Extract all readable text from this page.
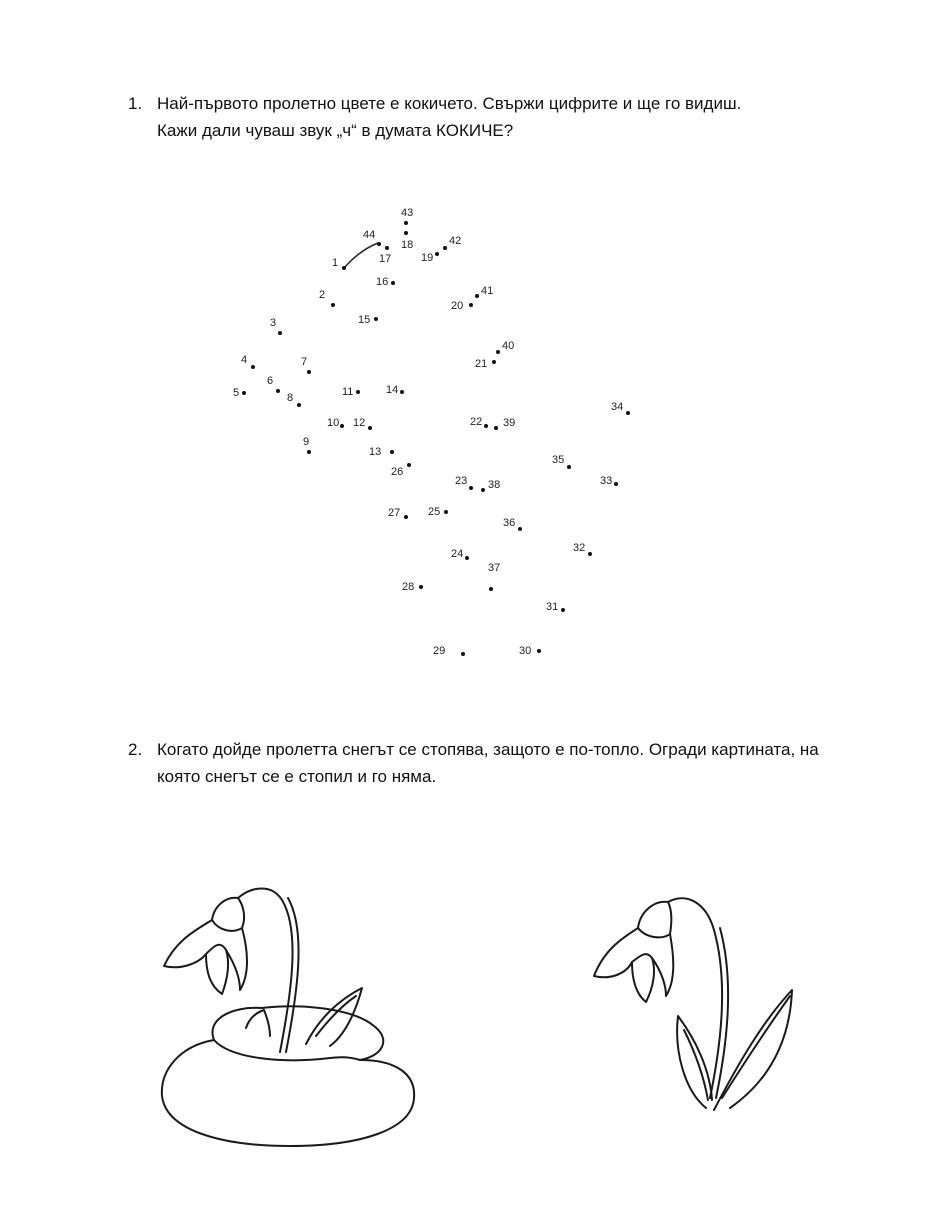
1. Най-първото пролетно цвете е кокичето. Свържи цифрите и ще го видиш.
Кажи дали чуваш звук „ч“ в думата КОКИЧЕ?
1
2
3
4
5
6
7
8
9
10
11
12
13
14
15
16
17
18
19
20
21
22
23
24
25
26
27
28
29	30
31
32
33
34
35
36
37
38
39
40
41
42
43
44
2. Когато дойде пролетта снегът се стопява, защото е по-топло. Огради картината, на
която снегът се е стопил и го няма.
